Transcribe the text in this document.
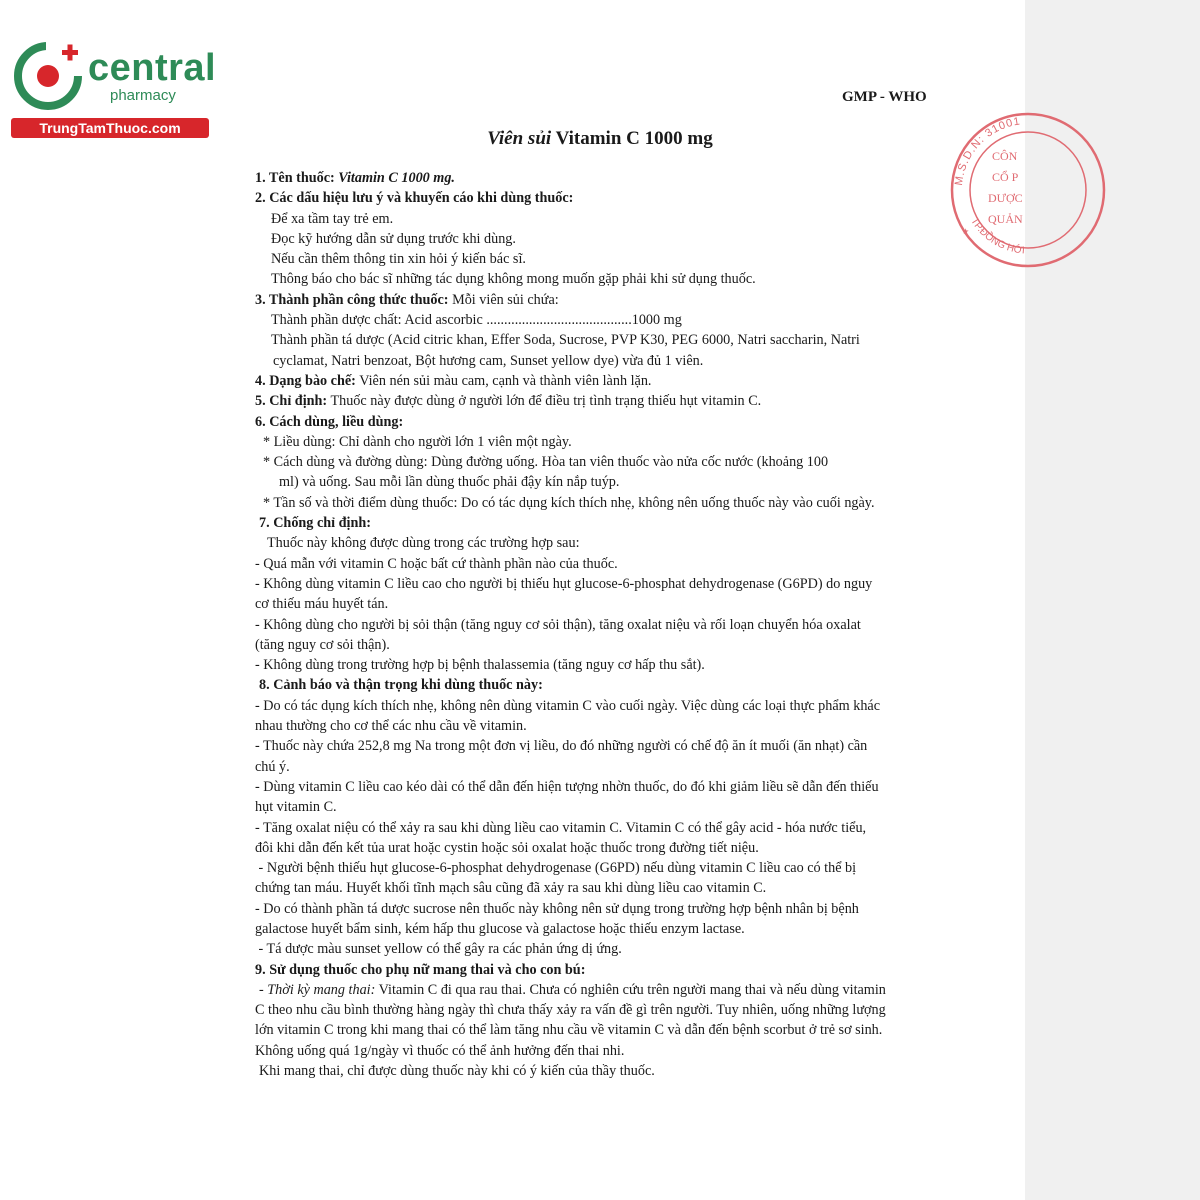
central
pharmacy
TrungTamThuoc.com
GMP - WHO
Viên sủi Vitamin C 1000 mg
M.S.D.N: 31001
TP.ĐỒNG HỚI
CÔN
CỔ P
DƯỢC
QUẢN
★

1. Tên thuốc: Vitamin C 1000 mg.

2. Các dấu hiệu lưu ý và khuyến cáo khi dùng thuốc:

Để xa tầm tay trẻ em.

Đọc kỹ hướng dẫn sử dụng trước khi dùng.

Nếu cần thêm thông tin xin hỏi ý kiến bác sĩ.

Thông báo cho bác sĩ những tác dụng không mong muốn gặp phải khi sử dụng thuốc.

3. Thành phần công thức thuốc: Mỗi viên sủi chứa:

Thành phần dược chất: Acid ascorbic .........................................1000 mg

Thành phần tá dược (Acid citric khan, Effer Soda, Sucrose, PVP K30, PEG 6000, Natri saccharin, Natri

cyclamat, Natri benzoat, Bột hương cam, Sunset yellow dye) vừa đủ 1 viên.

4. Dạng bào chế: Viên nén sủi màu cam, cạnh và thành viên lành lặn.

5. Chỉ định: Thuốc này được dùng ở người lớn để điều trị tình trạng thiếu hụt vitamin C.

6. Cách dùng, liều dùng:

* Liều dùng: Chỉ dành cho người lớn 1 viên một ngày.

* Cách dùng và đường dùng: Dùng đường uống. Hòa tan viên thuốc vào nửa cốc nước (khoảng 100

ml) và uống. Sau mỗi lần dùng thuốc phải đậy kín nắp tuýp.

* Tần số và thời điểm dùng thuốc: Do có tác dụng kích thích nhẹ, không nên uống thuốc này vào cuối ngày.

7. Chống chỉ định:

Thuốc này không được dùng trong các trường hợp sau:

- Quá mẫn với vitamin C hoặc bất cứ thành phần nào của thuốc.

- Không dùng vitamin C liều cao cho người bị thiếu hụt glucose-6-phosphat dehydrogenase (G6PD) do nguy

cơ thiếu máu huyết tán.

- Không dùng cho người bị sỏi thận (tăng nguy cơ sỏi thận), tăng oxalat niệu và rối loạn chuyển hóa oxalat

(tăng nguy cơ sỏi thận).

- Không dùng trong trường hợp bị bệnh thalassemia (tăng nguy cơ hấp thu sắt).

8. Cảnh báo và thận trọng khi dùng thuốc này:

- Do có tác dụng kích thích nhẹ, không nên dùng vitamin C vào cuối ngày. Việc dùng các loại thực phẩm khác

nhau thường cho cơ thể các nhu cầu về vitamin.

- Thuốc này chứa 252,8 mg Na trong một đơn vị liều, do đó những người có chế độ ăn ít muối (ăn nhạt) cần

chú ý.

- Dùng vitamin C liều cao kéo dài có thể dẫn đến hiện tượng nhờn thuốc, do đó khi giảm liều sẽ dẫn đến thiếu

hụt vitamin C.

- Tăng oxalat niệu có thể xảy ra sau khi dùng liều cao vitamin C. Vitamin C có thể gây acid - hóa nước tiểu,

đôi khi dẫn đến kết tủa urat hoặc cystin hoặc sỏi oxalat hoặc thuốc trong đường tiết niệu.

- Người bệnh thiếu hụt glucose-6-phosphat dehydrogenase (G6PD) nếu dùng vitamin C liều cao có thể bị

chứng tan máu. Huyết khối tĩnh mạch sâu cũng đã xảy ra sau khi dùng liều cao vitamin C.

- Do có thành phần tá dược sucrose nên thuốc này không nên sử dụng trong trường hợp bệnh nhân bị bệnh

galactose huyết bẩm sinh, kém hấp thu glucose và galactose hoặc thiếu enzym lactase.

- Tá dược màu sunset yellow có thể gây ra các phản ứng dị ứng.

9. Sử dụng thuốc cho phụ nữ mang thai và cho con bú:

- Thời kỳ mang thai: Vitamin C đi qua rau thai. Chưa có nghiên cứu trên người mang thai và nếu dùng vitamin

C theo nhu cầu bình thường hàng ngày thì chưa thấy xảy ra vấn đề gì trên người. Tuy nhiên, uống những lượng

lớn vitamin C trong khi mang thai có thể làm tăng nhu cầu về vitamin C và dẫn đến bệnh scorbut ở trẻ sơ sinh.

Không uống quá 1g/ngày vì thuốc có thể ảnh hưởng đến thai nhi.

Khi mang thai, chỉ được dùng thuốc này khi có ý kiến của thầy thuốc.
